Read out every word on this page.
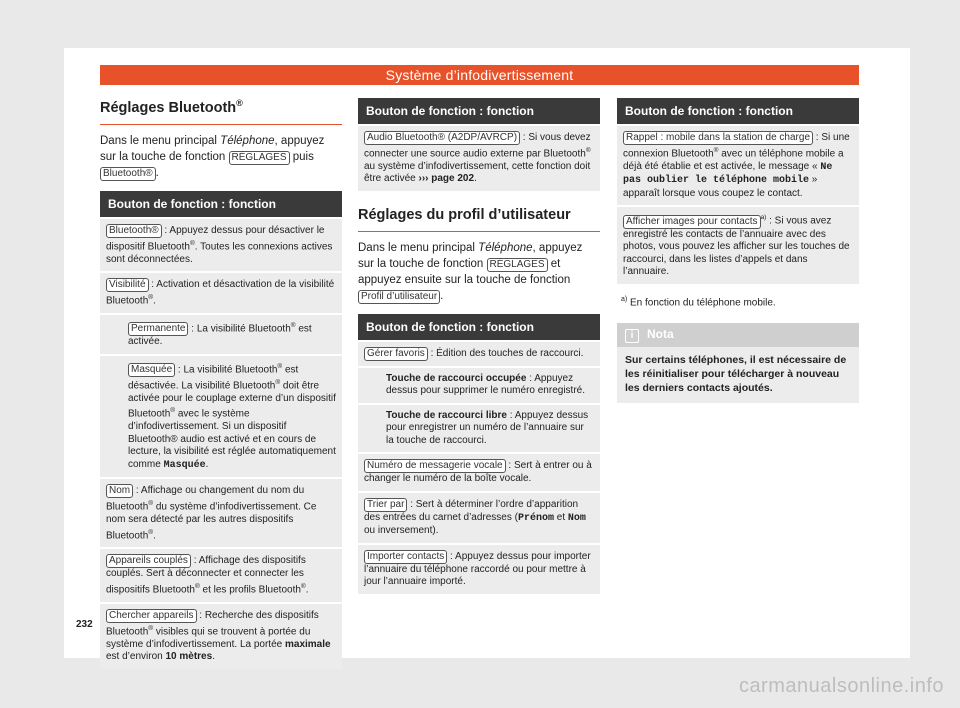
Système d’infodivertissement
Réglages Bluetooth®
Dans le menu principal Téléphone, appuyez sur la touche de fonction RÉGLAGES puis Bluetooth® .
Bouton de fonction : fonction
Bluetooth® : Appuyez dessus pour désactiver le dispositif Bluetooth®. Toutes les connexions actives sont déconnectées.
Visibilité : Activation et désactivation de la visibilité Bluetooth®.
Permanente : La visibilité Bluetooth® est activée.
Masquée : La visibilité Bluetooth® est désactivée. La visibilité Bluetooth® doit être activée pour le couplage externe d’un dispositif Bluetooth® avec le système d’infodivertissement. Si un dispositif Bluetooth® audio est activé et en cours de lecture, la visibilité est réglée automatiquement comme Masquée.
Nom : Affichage ou changement du nom du Bluetooth® du système d’infodivertissement. Ce nom sera détecté par les autres dispositifs Bluetooth®.
Appareils couplés : Affichage des dispositifs couplés. Sert à déconnecter et connecter les dispositifs Bluetooth® et les profils Bluetooth®.
Chercher appareils : Recherche des dispositifs Bluetooth® visibles qui se trouvent à portée du système d’infodivertissement. La portée maximale est d’environ 10 mètres.
Bouton de fonction : fonction
Audio Bluetooth® (A2DP/AVRCP) : Si vous devez connecter une source audio externe par Bluetooth® au système d’infodivertissement, cette fonction doit être activée ››› page 202.
Réglages du profil d’utilisateur
Dans le menu principal Téléphone, appuyez sur la touche de fonction RÉGLAGES et appuyez ensuite sur la touche de fonction Profil d’utilisateur .
Bouton de fonction : fonction
Gérer favoris : Édition des touches de raccourci.
Touche de raccourci occupée : Appuyez dessus pour supprimer le numéro enregistré.
Touche de raccourci libre : Appuyez dessus pour enregistrer un numéro de l’annuaire sur la touche de raccourci.
Numéro de messagerie vocale : Sert à entrer ou à changer le numéro de la boîte vocale.
Trier par : Sert à déterminer l’ordre d’apparition des entrées du carnet d’adresses (Prénom et Nom ou inversement).
Importer contacts : Appuyez dessus pour importer l’annuaire du téléphone raccordé ou pour mettre à jour l’annuaire importé.
Bouton de fonction : fonction
Rappel : mobile dans la station de charge : Si une connexion Bluetooth® avec un téléphone mobile a déjà été établie et est activée, le message « Ne pas oublier le téléphone mobile » apparaît lorsque vous coupez le contact.
Afficher images pour contacts $^{a)}$ : Si vous avez enregistré les contacts de l’annuaire avec des photos, vous pouvez les afficher sur les touches de raccourci, dans les listes d’appels et dans l’annuaire.
$^{a)}$ En fonction du téléphone mobile.
i Nota
Sur certains téléphones, il est nécessaire de les réinitialiser pour télécharger à nouveau les derniers contacts ajoutés.
232
carmanualsonline.info
